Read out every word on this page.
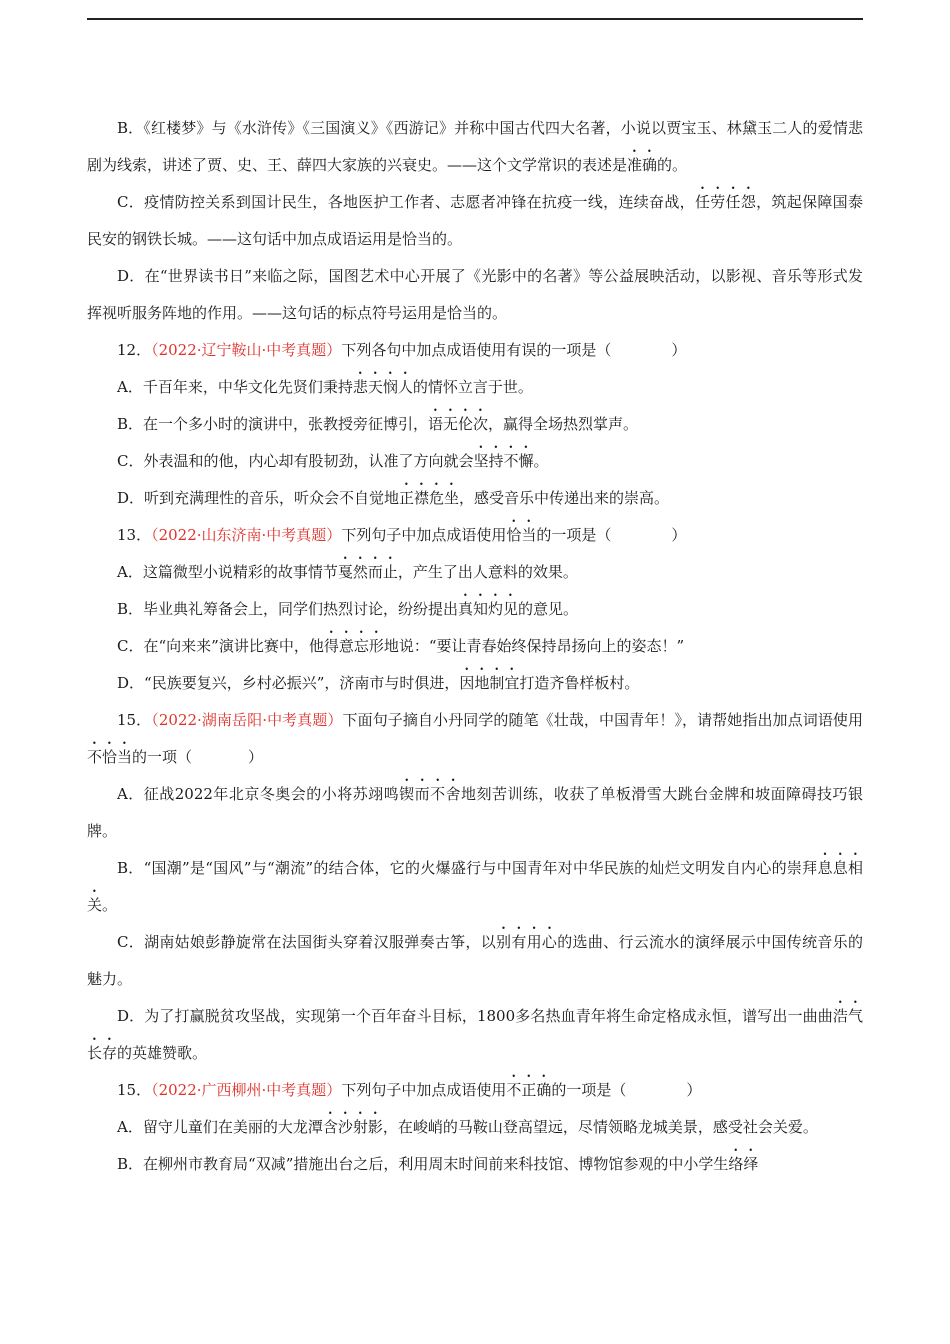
B．《红楼梦》与《水浒传》《三国演义》《西游记》并称中国古代四大名著，小说以贾宝玉、林黛玉二人的爱情悲剧为线索，讲述了贾、史、王、薛四大家族的兴衰史。——这个文学常识的表述是准确的。

C．疫情防控关系到国计民生，各地医护工作者、志愿者冲锋在抗疫一线，连续奋战，任劳任怨，筑起保障国泰民安的钢铁长城。——这句话中加点成语运用是恰当的。

D．在“世界读书日”来临之际，国图艺术中心开展了《光影中的名著》等公益展映活动，以影视、音乐等形式发挥视听服务阵地的作用。——这句话的标点符号运用是恰当的。

12．（2022·辽宁鞍山·中考真题）下列各句中加点成语使用有误的一项是（	）

A．千百年来，中华文化先贤们秉持悲天悯人的情怀立言于世。

B．在一个多小时的演讲中，张教授旁征博引，语无伦次，赢得全场热烈掌声。

C．外表温和的他，内心却有股韧劲，认准了方向就会坚持不懈。

D．听到充满理性的音乐，听众会不自觉地正襟危坐，感受音乐中传递出来的崇高。

13．（2022·山东济南·中考真题）下列句子中加点成语使用恰当的一项是（	）

A．这篇微型小说精彩的故事情节戛然而止，产生了出人意料的效果。

B．毕业典礼筹备会上，同学们热烈讨论，纷纷提出真知灼见的意见。

C．在“向来来”演讲比赛中，他得意忘形地说：“要让青春始终保持昂扬向上的姿态！”

D．“民族要复兴，乡村必振兴”，济南市与时俱进，因地制宜打造齐鲁样板村。

15．（2022·湖南岳阳·中考真题）下面句子摘自小丹同学的随笔《壮哉，中国青年！》，请帮她指出加点词语使用不恰当的一项（	）

A．征战2022年北京冬奥会的小将苏翊鸣锲而不舍地刻苦训练，收获了单板滑雪大跳台金牌和坡面障碍技巧银牌。

B．“国潮”是“国风”与“潮流”的结合体，它的火爆盛行与中国青年对中华民族的灿烂文明发自内心的崇拜息息相关。

C．湖南姑娘彭静旋常在法国街头穿着汉服弹奏古筝，以别有用心的选曲、行云流水的演绎展示中国传统音乐的魅力。

D．为了打赢脱贫攻坚战，实现第一个百年奋斗目标，1800多名热血青年将生命定格成永恒，谱写出一曲曲浩气长存的英雄赞歌。

15．（2022·广西柳州·中考真题）下列句子中加点成语使用不正确的一项是（	）

A．留守儿童们在美丽的大龙潭含沙射影，在峻峭的马鞍山登高望远，尽情领略龙城美景，感受社会关爱。

B．在柳州市教育局“双减”措施出台之后，利用周末时间前来科技馆、博物馆参观的中小学生络绎
